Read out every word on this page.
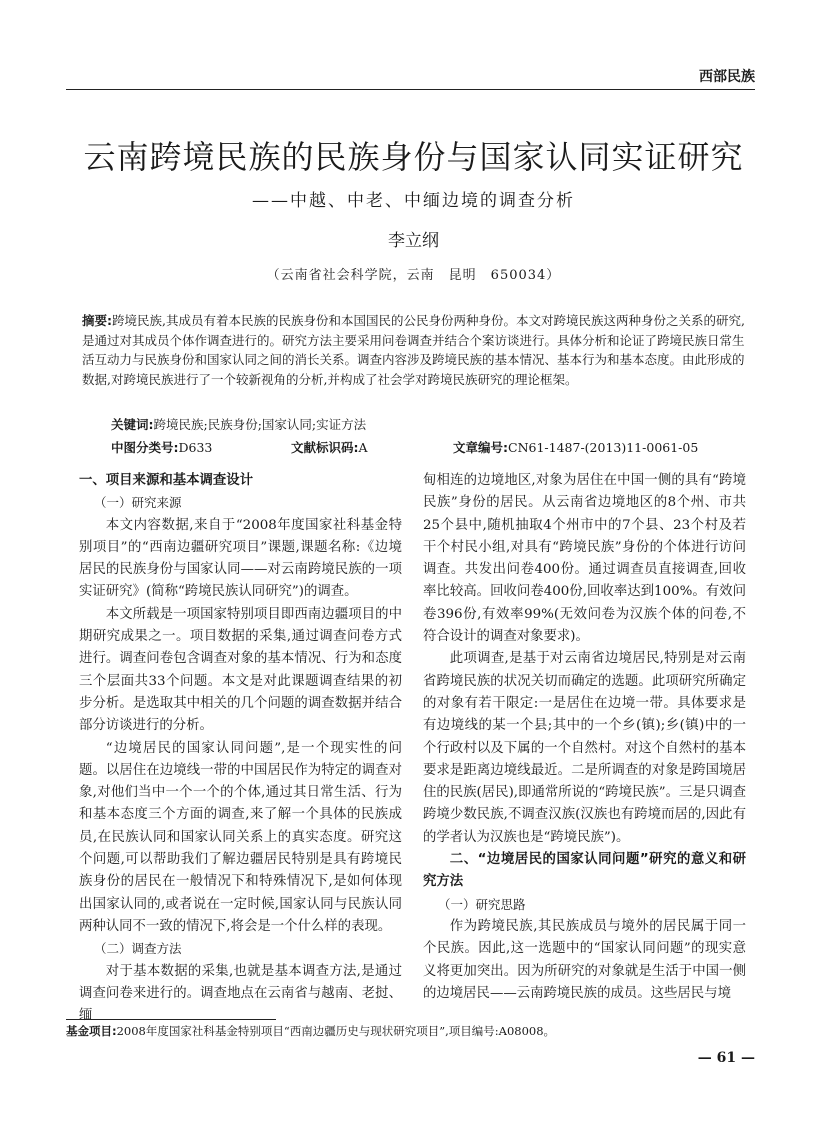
西部民族
云南跨境民族的民族身份与国家认同实证研究
——中越、中老、中缅边境的调查分析
李立纲
（云南省社会科学院，云南　昆明　650034）
摘要:跨境民族,其成员有着本民族的民族身份和本国国民的公民身份两种身份。本文对跨境民族这两种身份之关系的研究,是通过对其成员个体作调查进行的。研究方法主要采用问卷调查并结合个案访谈进行。具体分析和论证了跨境民族日常生活互动力与民族身份和国家认同之间的消长关系。调查内容涉及跨境民族的基本情况、基本行为和基本态度。由此形成的数据,对跨境民族进行了一个较新视角的分析,并构成了社会学对跨境民族研究的理论框架。
关键词:跨境民族;民族身份;国家认同;实证方法
中图分类号:D633	文献标识码:A	文章编号:CN61-1487-(2013)11-0061-05
一、项目来源和基本调查设计
（一）研究来源

本文内容数据,来自于“2008年度国家社科基金特别项目”的“西南边疆研究项目”课题,课题名称:《边境居民的民族身份与国家认同——对云南跨境民族的一项实证研究》(简称“跨境民族认同研究”)的调查。

本文所载是一项国家特别项目即西南边疆项目的中期研究成果之一。项目数据的采集,通过调查问卷方式进行。调查问卷包含调查对象的基本情况、行为和态度三个层面共33个问题。本文是对此课题调查结果的初步分析。是选取其中相关的几个问题的调查数据并结合部分访谈进行的分析。

“边境居民的国家认同问题”,是一个现实性的问题。以居住在边境线一带的中国居民作为特定的调查对象,对他们当中一个一个的个体,通过其日常生活、行为和基本态度三个方面的调查,来了解一个具体的民族成员,在民族认同和国家认同关系上的真实态度。研究这个问题,可以帮助我们了解边疆居民特别是具有跨境民族身份的居民在一般情况下和特殊情况下,是如何体现出国家认同的,或者说在一定时候,国家认同与民族认同两种认同不一致的情况下,将会是一个什么样的表现。

（二）调查方法

对于基本数据的采集,也就是基本调查方法,是通过调查问卷来进行的。调查地点在云南省与越南、老挝、缅

甸相连的边境地区,对象为居住在中国一侧的具有“跨境民族”身份的居民。从云南省边境地区的8个州、市共25个县中,随机抽取4个州市中的7个县、23个村及若干个村民小组,对具有“跨境民族”身份的个体进行访问调查。共发出问卷400份。通过调查员直接调查,回收率比较高。回收问卷400份,回收率达到100%。有效问卷396份,有效率99%(无效问卷为汉族个体的问卷,不符合设计的调查对象要求)。

此项调查,是基于对云南省边境居民,特别是对云南省跨境民族的状况关切而确定的选题。此项研究所确定的对象有若干限定:一是居住在边境一带。具体要求是有边境线的某一个县;其中的一个乡(镇);乡(镇)中的一个行政村以及下属的一个自然村。对这个自然村的基本要求是距离边境线最近。二是所调查的对象是跨国境居住的民族(居民),即通常所说的“跨境民族”。三是只调查跨境少数民族,不调查汉族(汉族也有跨境而居的,因此有的学者认为汉族也是“跨境民族”)。

二、“边境居民的国家认同问题”研究的意义和研究方法
（一）研究思路

作为跨境民族,其民族成员与境外的居民属于同一个民族。因此,这一选题中的“国家认同问题”的现实意义将更加突出。因为所研究的对象就是生活于中国一侧的边境居民——云南跨境民族的成员。这些居民与境

基金项目:2008年度国家社科基金特别项目“西南边疆历史与现状研究项目”,项目编号:A08008。
— 61 —
